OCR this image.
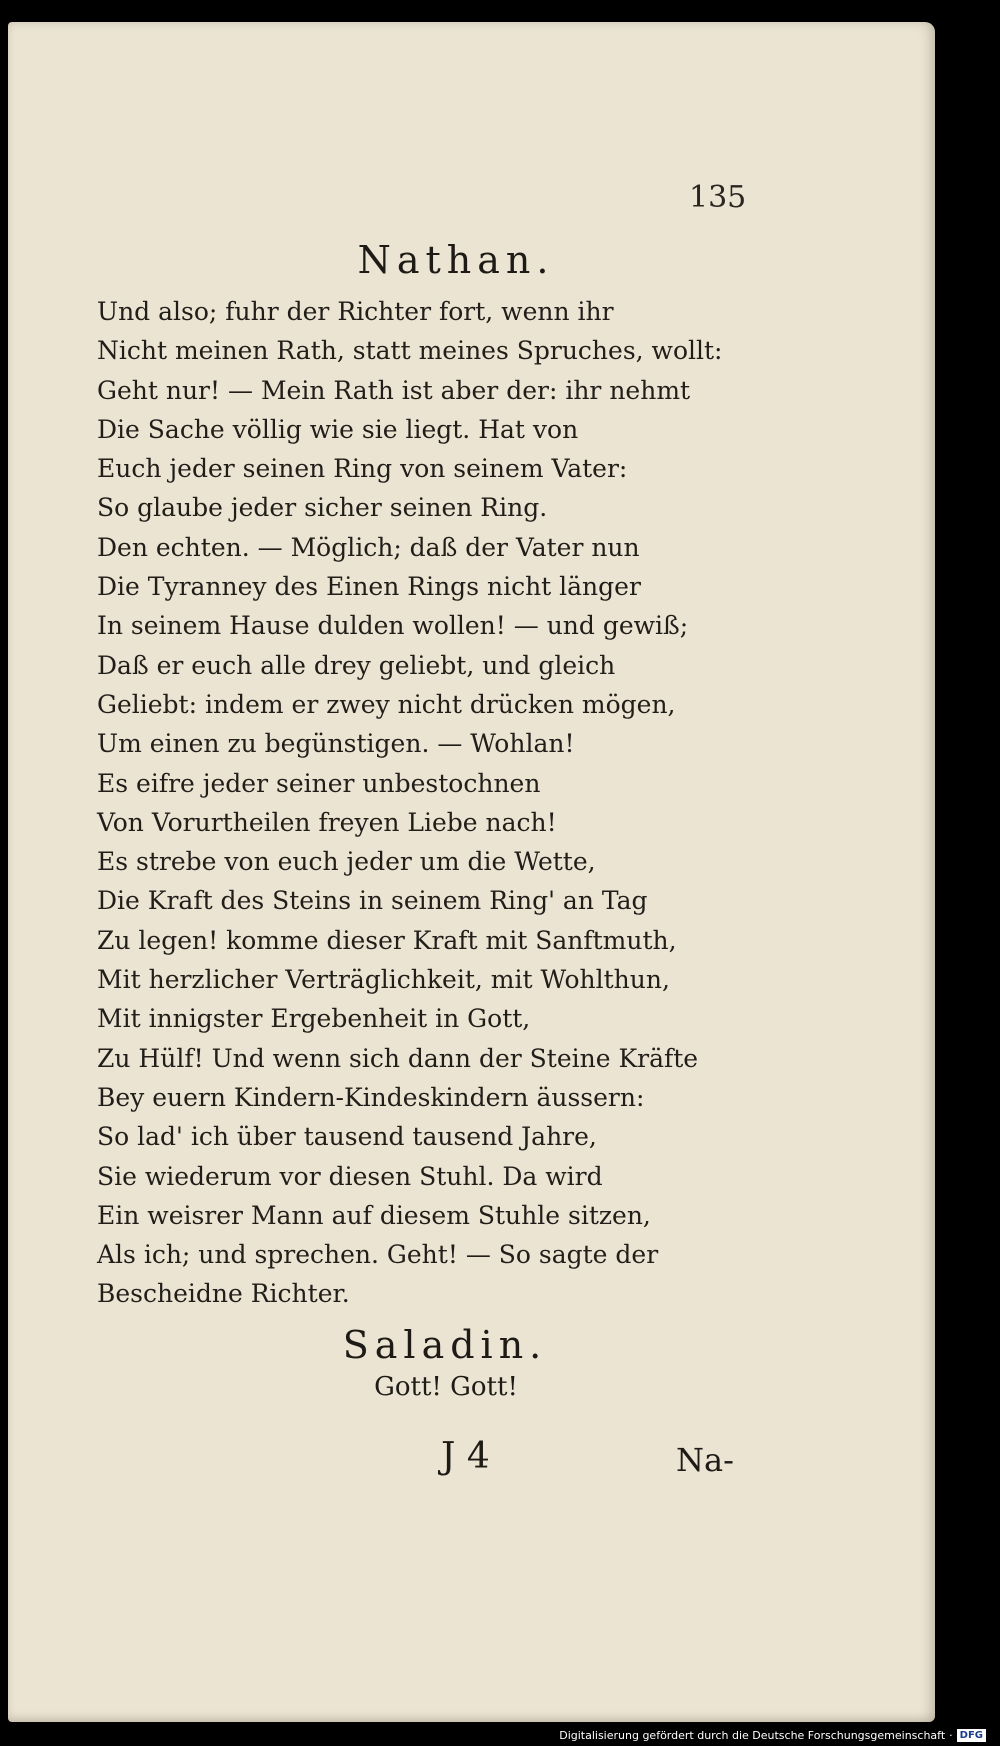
135
Nathan.
Und also; fuhr der Richter fort, wenn ihr
Nicht meinen Rath, statt meines Spruches, wollt:
Geht nur! — Mein Rath ist aber der: ihr nehmt
Die Sache völlig wie sie liegt. Hat von
Euch jeder seinen Ring von seinem Vater:
So glaube jeder sicher seinen Ring.
Den echten. — Möglich; daß der Vater nun
Die Tyranney des Einen Rings nicht länger
In seinem Hause dulden wollen! — und gewiß;
Daß er euch alle drey geliebt, und gleich
Geliebt: indem er zwey nicht drücken mögen,
Um einen zu begünstigen. — Wohlan!
Es eifre jeder seiner unbestochnen
Von Vorurtheilen freyen Liebe nach!
Es strebe von euch jeder um die Wette,
Die Kraft des Steins in seinem Ring' an Tag
Zu legen! komme dieser Kraft mit Sanftmuth,
Mit herzlicher Verträglichkeit, mit Wohlthun,
Mit innigster Ergebenheit in Gott,
Zu Hülf! Und wenn sich dann der Steine Kräfte
Bey euern Kindern-Kindeskindern äussern:
So lad' ich über tausend tausend Jahre,
Sie wiederum vor diesen Stuhl. Da wird
Ein weisrer Mann auf diesem Stuhle sitzen,
Als ich; und sprechen. Geht! — So sagte der
Bescheidne Richter.
Saladin.
Gott! Gott!
J 4	Na-
Digitalisierung gefördert durch die Deutsche Forschungsgemeinschaft · DFG
